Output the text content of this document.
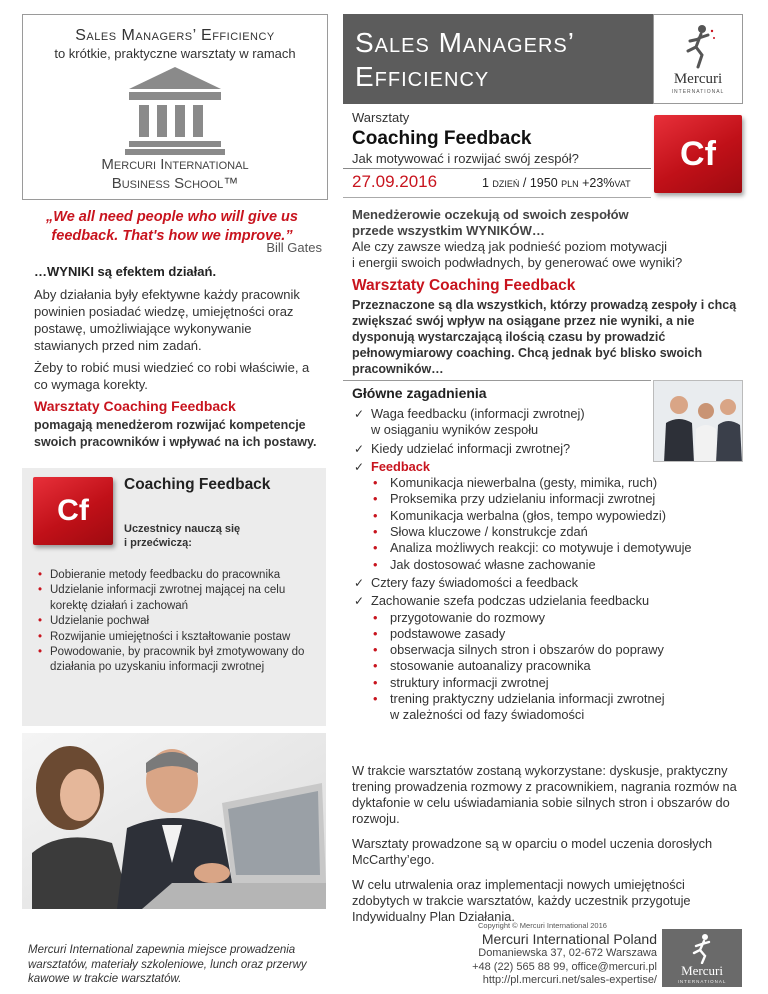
Sales Managers’ Efficiency
to krótkie, praktyczne warsztaty w ramach
Mercuri International
Business School™
Sales Managers’
Efficiency	Mercuri
INTERNATIONAL
Warsztaty
Coaching Feedback
Jak motywować i rozwijać swój zespół?
27.09.2016	1 dzień / 1950 pln +23%vat
Cf
„We all need people who will give us feedback. That's how we improve.”
Bill Gates
…WYNIKI są efektem działań.

Aby działania były efektywne każdy pracownik powinien posiadać wiedzę, umiejętności oraz postawę, umożliwiające wykonywanie stawianych przed nim zadań.

Żeby to robić musi wiedzieć co robi właściwie, a co wymaga korekty.

Warsztaty Coaching Feedback
pomagają menedżerom rozwijać kompetencje swoich pracowników i wpływać na ich postawy.
Cf
Coaching Feedback
Uczestnicy nauczą się
i przećwiczą:
• Dobieranie metody feedbacku do pracownika
• Udzielanie informacji zwrotnej mającej na celu korektę działań i zachowań
• Udzielanie pochwał
• Rozwijanie umiejętności i kształtowanie postaw
• Powodowanie, by pracownik był zmotywowany do działania po uzyskaniu informacji zwrotnej
Mercuri International zapewnia miejsce prowadzenia warsztatów, materiały szkoleniowe, lunch oraz przerwy kawowe w trakcie warsztatów.
Menedżerowie oczekują od swoich zespołów
przede wszystkim WYNIKÓW…
Ale czy zawsze wiedzą jak podnieść poziom motywacji
i energii swoich podwładnych, by generować owe wyniki?
Warsztaty Coaching Feedback
Przeznaczone są dla wszystkich, którzy prowadzą zespoły i chcą zwiększać swój wpływ na osiągane przez nie wyniki, a nie dysponują wystarczającą ilością czasu by prowadzić pełnowymiarowy coaching. Chcą jednak być blisko swoich pracowników…
Główne zagadnienia
✓ Waga feedbacku (informacji zwrotnej)
w osiąganiu wyników zespołu
✓ Kiedy udzielać informacji zwrotnej?
✓ Feedback
• Komunikacja niewerbalna (gesty, mimika, ruch)
• Proksemika przy udzielaniu informacji zwrotnej
• Komunikacja werbalna (głos, tempo wypowiedzi)
• Słowa kluczowe / konstrukcje zdań
• Analiza możliwych reakcji: co motywuje i demotywuje
• Jak dostosować własne zachowanie
✓ Cztery fazy świadomości a feedback
✓ Zachowanie szefa podczas udzielania feedbacku
• przygotowanie do rozmowy
• podstawowe zasady
• obserwacja silnych stron i obszarów do poprawy
• stosowanie autoanalizy pracownika
• struktury informacji zwrotnej
• trening praktyczny udzielania informacji zwrotnej
w zależności od fazy świadomości

W trakcie warsztatów zostaną wykorzystane: dyskusje, praktyczny trening prowadzenia rozmowy z pracownikiem, nagrania rozmów na dyktafonie w celu uświadamiania sobie silnych stron i obszarów do rozwoju.

Warsztaty prowadzone są w oparciu o model uczenia dorosłych McCarthy’ego.

W celu utrwalenia oraz implementacji nowych umiejętności zdobytych w trakcie warsztatów, każdy uczestnik przygotuje Indywidualny Plan Działania.

Copyright © Mercuri International 2016
Mercuri International Poland
Domaniewska 37, 02-672 Warszawa
+48 (22) 565 88 99, office@mercuri.pl
http://pl.mercuri.net/sales-expertise/
Mercuri
INTERNATIONAL
